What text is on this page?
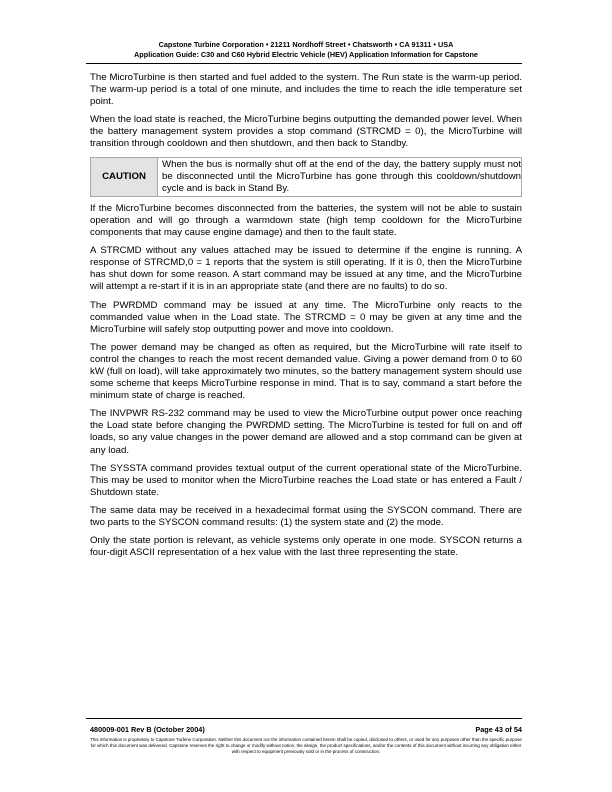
Capstone Turbine Corporation • 21211 Nordhoff Street • Chatsworth • CA 91311 • USA
Application Guide: C30 and C60 Hybrid Electric Vehicle (HEV) Application Information for Capstone

The MicroTurbine is then started and fuel added to the system. The Run state is the warm-up period. The warm-up period is a total of one minute, and includes the time to reach the idle temperature set point.

When the load state is reached, the MicroTurbine begins outputting the demanded power level. When the battery management system provides a stop command (STRCMD = 0), the MicroTurbine will transition through cooldown and then shutdown, and then back to Standby.

CAUTION
When the bus is normally shut off at the end of the day, the battery supply must not be disconnected until the MicroTurbine has gone through this cooldown/shutdown cycle and is back in Stand By.

If the MicroTurbine becomes disconnected from the batteries, the system will not be able to sustain operation and will go through a warmdown state (high temp cooldown for the MicroTurbine components that may cause engine damage) and then to the fault state.

A STRCMD without any values attached may be issued to determine if the engine is running. A response of STRCMD,0 = 1 reports that the system is still operating. If it is 0, then the MicroTurbine has shut down for some reason. A start command may be issued at any time, and the MicroTurbine will attempt a re-start if it is in an appropriate state (and there are no faults) to do so.

The PWRDMD command may be issued at any time. The MicroTurbine only reacts to the commanded value when in the Load state. The STRCMD = 0 may be given at any time and the MicroTurbine will safely stop outputting power and move into cooldown.

The power demand may be changed as often as required, but the MicroTurbine will rate itself to control the changes to reach the most recent demanded value. Giving a power demand from 0 to 60 kW (full on load), will take approximately two minutes, so the battery management system should use some scheme that keeps MicroTurbine response in mind. That is to say, command a start before the minimum state of charge is reached.

The INVPWR RS-232 command may be used to view the MicroTurbine output power once reaching the Load state before changing the PWRDMD setting. The MicroTurbine is tested for full on and off loads, so any value changes in the power demand are allowed and a stop command can be given at any load.

The SYSSTA command provides textual output of the current operational state of the MicroTurbine. This may be used to monitor when the MicroTurbine reaches the Load state or has entered a Fault / Shutdown state.

The same data may be received in a hexadecimal format using the SYSCON command. There are two parts to the SYSCON command results: (1) the system state and (2) the mode.

Only the state portion is relevant, as vehicle systems only operate in one mode. SYSCON returns a four-digit ASCII representation of a hex value with the last three representing the state.

480009-001 Rev B (October 2004)	Page 43 of 54
This information is proprietary to Capstone Turbine Corporation. Neither this document nor the information contained herein shall be copied, disclosed to others, or used for any purposes other than the specific purpose for which this document was delivered. Capstone reserves the right to change or modify without notice, the design, the product specifications, and/or the contents of this document without incurring any obligation either with respect to equipment previously sold or in the process of construction.
